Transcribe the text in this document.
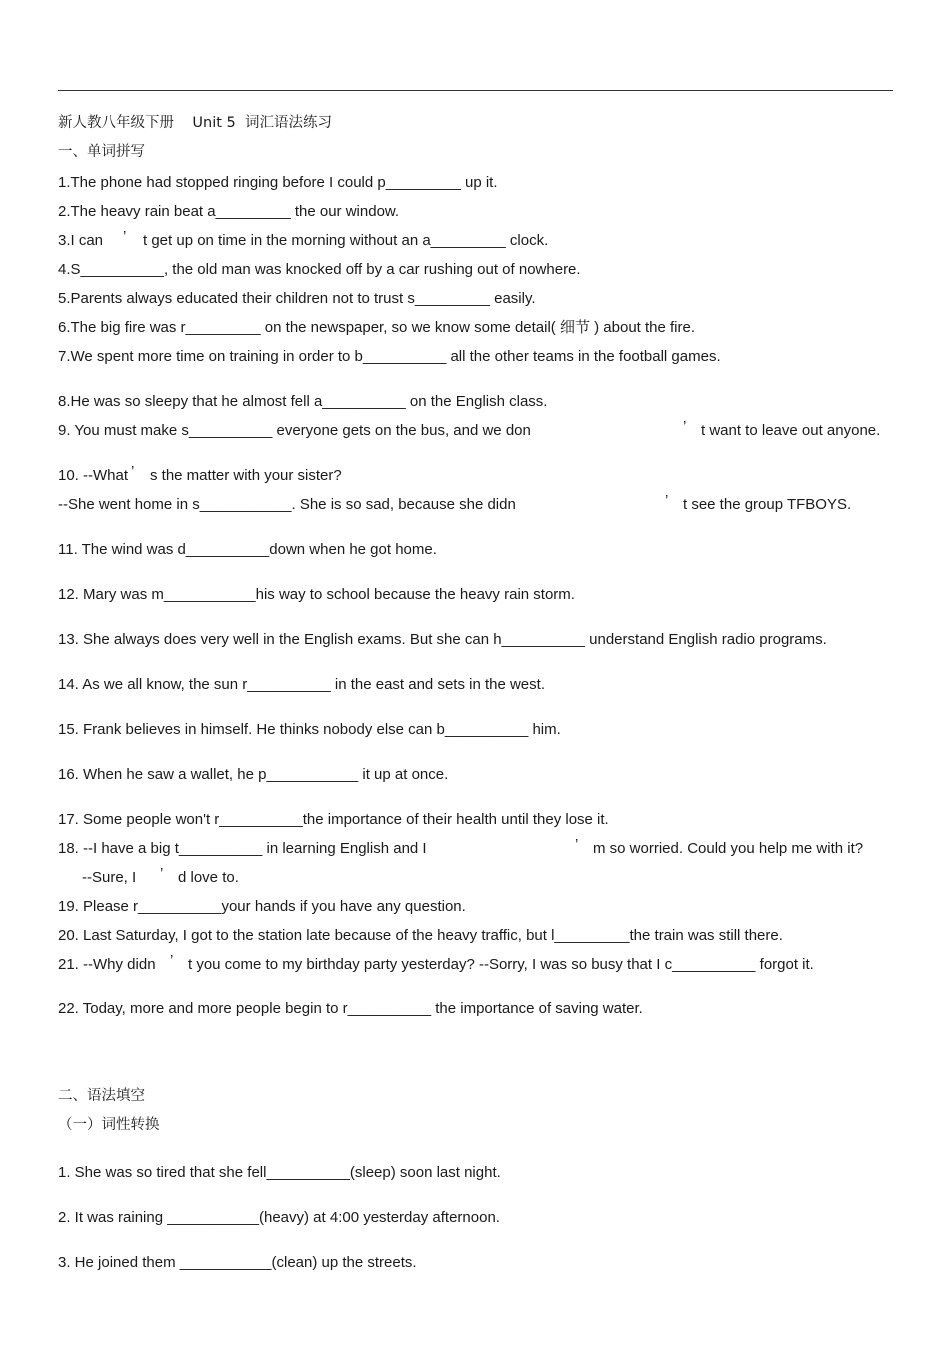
新人教八年级下册    Unit 5  词汇语法练习
一、单词拼写
1.The phone had stopped ringing before I could p_________ up it.
2.The heavy rain beat a_________ the our window.
3.I can ’ t get up on time in the morning without an a_________ clock.
4.S__________, the old man was knocked off by a car rushing out of nowhere.
5.Parents always educated their children not to trust s_________ easily.
6.The big fire was r_________ on the newspaper, so we know some detail( 细节 ) about the fire.
7.We spent more time on training in order to b__________ all the other teams in the football games.
8.He was so sleepy that he almost fell a__________ on the English class.
9. You must make s__________ everyone gets on the bus, and we don	’ t want to leave out anyone.
10. --What ’ s the matter with your sister?
--She went home in s___________. She is so sad, because she didn	’ t see the group TFBOYS.
11. The wind was d__________down when he got home.
12. Mary was m___________his way to school because the heavy rain storm.
13. She always does very well in the English exams. But she can h__________ understand English radio programs.
14. As we all know, the sun r__________ in the east and sets in the west.
15. Frank believes in himself. He thinks nobody else can b__________ him.
16. When he saw a wallet, he p___________ it up at once.
17. Some people won't r__________the importance of their health until they lose it.
18. --I have a big t__________ in learning English and I	’ m so worried. Could you help me with it?
--Sure, I ’ d love to.
19. Please r__________your hands if you have any question.
20. Last Saturday, I got to the station late because of the heavy traffic, but l_________the train was still there.
21. --Why didn ’ t you come to my birthday party yesterday? --Sorry, I was so busy that I c__________ forgot it.
22. Today, more and more people begin to r__________ the importance of saving water.
二、语法填空
（一）词性转换
1. She was so tired that she fell__________(sleep) soon last night.
2. It was raining ___________(heavy) at 4:00 yesterday afternoon.
3. He joined them ___________(clean) up the streets.
